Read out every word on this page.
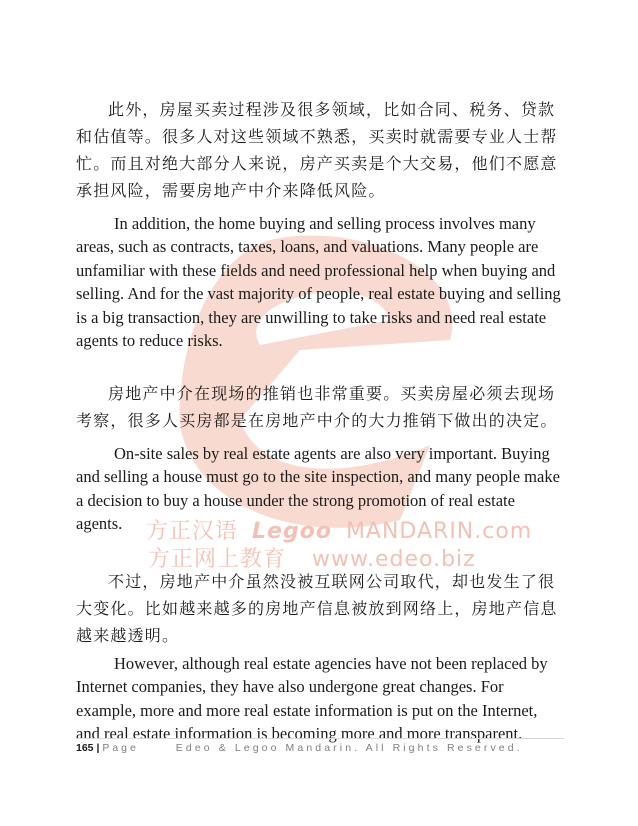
方正汉语 Legoo MANDARIN.com
方正网上教育 www.edeo.biz

此外，房屋买卖过程涉及很多领域，比如合同、税务、贷款和估值等。很多人对这些领域不熟悉，买卖时就需要专业人士帮忙。而且对绝大部分人来说，房产买卖是个大交易，他们不愿意承担风险，需要房地产中介来降低风险。

In addition, the home buying and selling process involves many areas, such as contracts, taxes, loans, and valuations. Many people are unfamiliar with these fields and need professional help when buying and selling. And for the vast majority of people, real estate buying and selling is a big transaction, they are unwilling to take risks and need real estate agents to reduce risks.

房地产中介在现场的推销也非常重要。买卖房屋必须去现场考察，很多人买房都是在房地产中介的大力推销下做出的决定。

On-site sales by real estate agents are also very important. Buying and selling a house must go to the site inspection, and many people make a decision to buy a house under the strong promotion of real estate agents.

不过，房地产中介虽然没被互联网公司取代，却也发生了很大变化。比如越来越多的房地产信息被放到网络上，房地产信息越来越透明。

However, although real estate agencies have not been replaced by Internet companies, they have also undergone great changes. For example, more and more real estate information is put on the Internet, and real estate information is becoming more and more transparent.

165 | Page	Edeo & Legoo Mandarin. All Rights Reserved.
